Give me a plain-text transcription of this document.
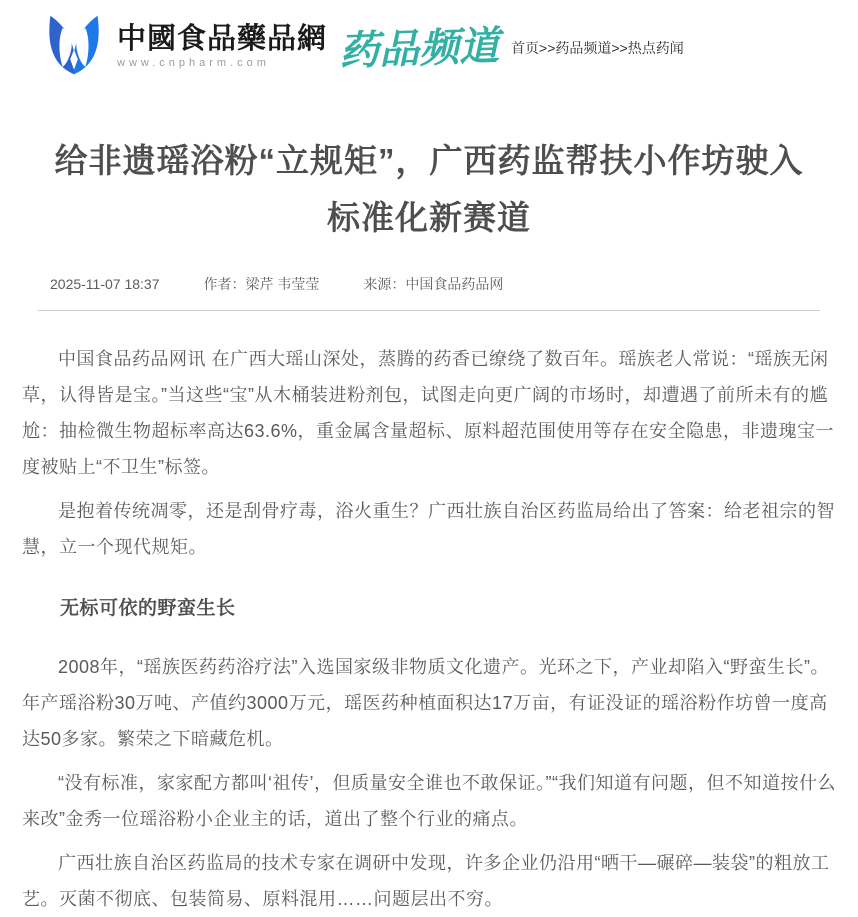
中國食品藥品網
www.cnpharm.com	药品频道 首页>>药品频道>>热点药闻
给非遗瑶浴粉“立规矩”，广西药监帮扶小作坊驶入标准化新赛道
2025-11-07 18:37	作者：梁芹 韦莹莹	来源：中国食品药品网

中国食品药品网讯 在广西大瑶山深处，蒸腾的药香已缭绕了数百年。瑶族老人常说：“瑶族无闲草，认得皆是宝。”当这些“宝”从木桶装进粉剂包，试图走向更广阔的市场时，却遭遇了前所未有的尴尬：抽检微生物超标率高达63.6%，重金属含量超标、原料超范围使用等存在安全隐患，非遗瑰宝一度被贴上“不卫生”标签。

是抱着传统凋零，还是刮骨疗毒，浴火重生？广西壮族自治区药监局给出了答案：给老祖宗的智慧，立一个现代规矩。

无标可依的野蛮生长

2008年，“瑶族医药药浴疗法”入选国家级非物质文化遗产。光环之下，产业却陷入“野蛮生长”。年产瑶浴粉30万吨、产值约3000万元，瑶医药种植面积达17万亩，有证没证的瑶浴粉作坊曾一度高达50多家。繁荣之下暗藏危机。

“没有标准，家家配方都叫‘祖传’，但质量安全谁也不敢保证。”“我们知道有问题，但不知道按什么来改”金秀一位瑶浴粉小企业主的话，道出了整个行业的痛点。

广西壮族自治区药监局的技术专家在调研中发现，许多企业仍沿用“晒干—碾碎—装袋”的粗放工艺。灭菌不彻底、包装简易、原料混用……问题层出不穷。
